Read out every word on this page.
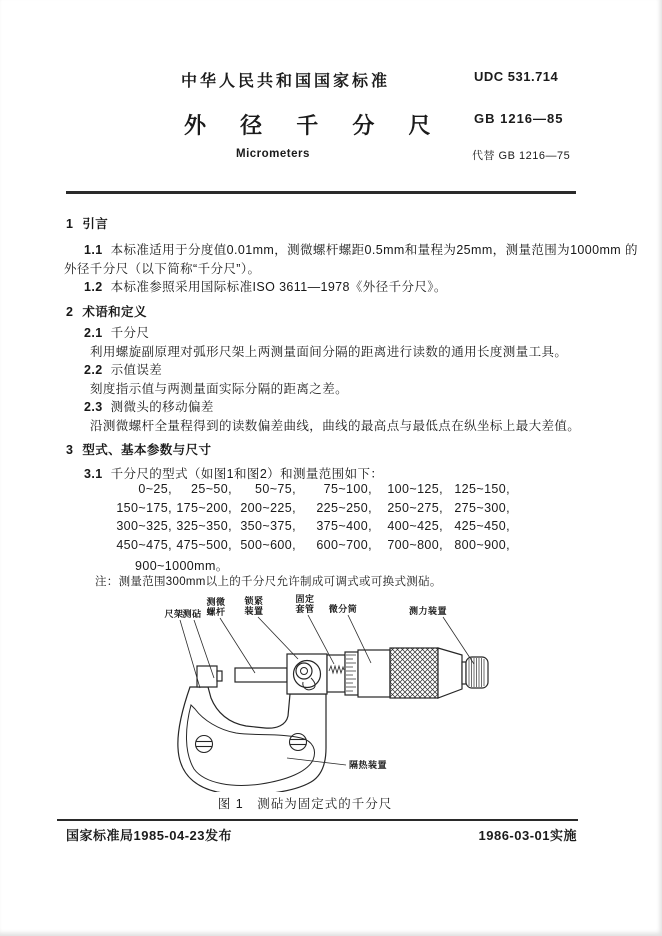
中华人民共和国国家标准	UDC 531.714
外 径 千 分 尺 GB 1216—85
Micrometers	代替 GB 1216—75
1 引言
1.1 本标准适用于分度值0.01mm，测微螺杆螺距0.5mm和量程为25mm，测量范围为1000mm 的
外径千分尺（以下简称“千分尺”）。
1.2 本标准参照采用国际标准ISO 3611—1978《外径千分尺》。
2 术语和定义
2.1 千分尺
利用螺旋副原理对弧形尺架上两测量面间分隔的距离进行读数的通用长度测量工具。
2.2 示值误差
刻度指示值与两测量面实际分隔的距离之差。
2.3 测微头的移动偏差
沿测微螺杆全量程得到的读数偏差曲线，曲线的最高点与最低点在纵坐标上最大差值。
3 型式、基本参数与尺寸
3.1 千分尺的型式（如图1和图2）和测量范围如下：
0~25,	25~50,	50~75,	75~100,	100~125, 125~150,
150~175, 175~200, 200~225,	225~250,	250~275, 275~300,
300~325, 325~350, 350~375,	375~400,	400~425, 425~450,
450~475, 475~500, 500~600,	600~700,	700~800, 800~900,
900~1000mm。
注：测量范围300mm以上的千分尺允许制成可调式或可换式测砧。
尺架
测砧
测微
螺杆
锁紧
装置
固定
套管 微分筒	测力装置
隔热装置
图 1　测砧为固定式的千分尺
国家标准局1985-04-23发布	1986-03-01实施
